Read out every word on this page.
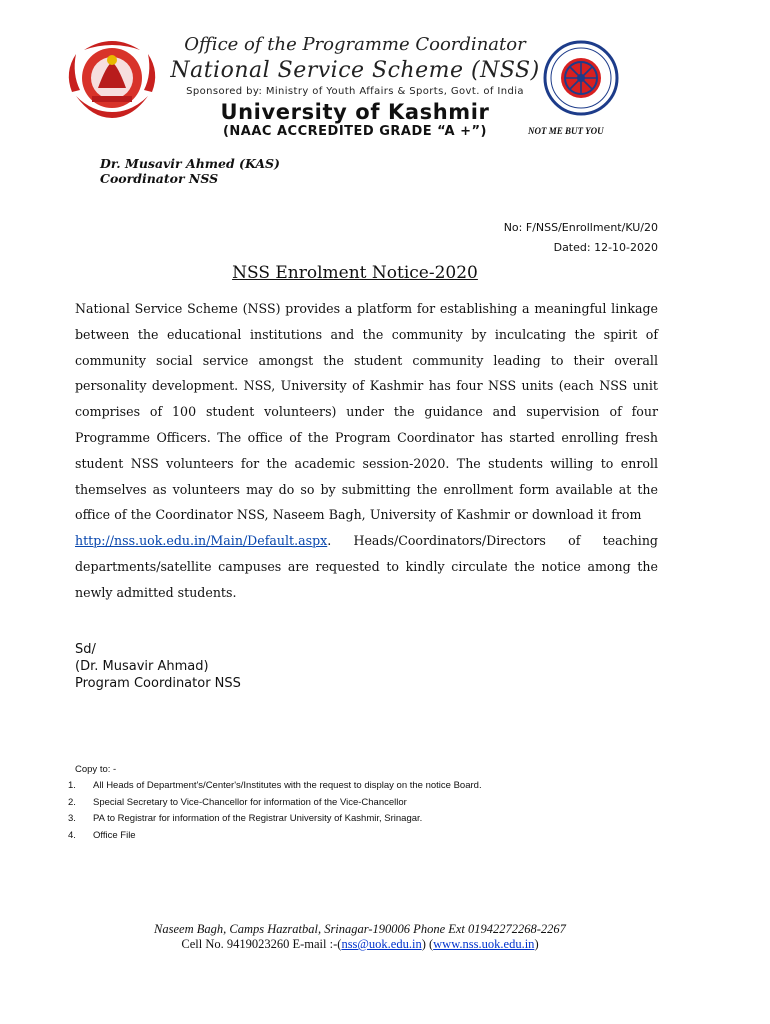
Office of the Programme Coordinator
National Service Scheme (NSS)
Sponsored by: Ministry of Youth Affairs & Sports, Govt. of India
University of Kashmir
(NAAC ACCREDITED GRADE “A +”)	NOT ME BUT YOU
Dr. Musavir Ahmed (KAS)
Coordinator NSS
No: F/NSS/Enrollment/KU/20
Dated: 12-10-2020
NSS Enrolment Notice-2020
National Service Scheme (NSS) provides a platform for establishing a meaningful linkage between the educational institutions and the community by inculcating the spirit of community social service amongst the student community leading to their overall personality development. NSS, University of Kashmir has four NSS units (each NSS unit comprises of 100 student volunteers) under the guidance and supervision of four Programme Officers. The office of the Program Coordinator has started enrolling fresh student NSS volunteers for the academic session-2020. The students willing to enroll themselves as volunteers may do so by submitting the enrollment form available at the office of the Coordinator NSS, Naseem Bagh, University of Kashmir or download it from     http://nss.uok.edu.in/Main/Default.aspx. Heads/Coordinators/Directors of teaching departments/satellite campuses are requested to kindly circulate the notice among the newly admitted students.
Sd/
(Dr. Musavir Ahmad)
Program Coordinator NSS
Copy to: -
1.	All Heads of Department's/Center's/Institutes with the request to display on the notice Board.
2.	Special Secretary to Vice-Chancellor for information of the Vice-Chancellor
3.	PA to Registrar for information of the Registrar University of Kashmir, Srinagar.
4.	Office File
Naseem Bagh, Camps Hazratbal, Srinagar-190006 Phone Ext 01942272268-2267
Cell No. 9419023260 E-mail :-(nss@uok.edu.in) (www.nss.uok.edu.in)
